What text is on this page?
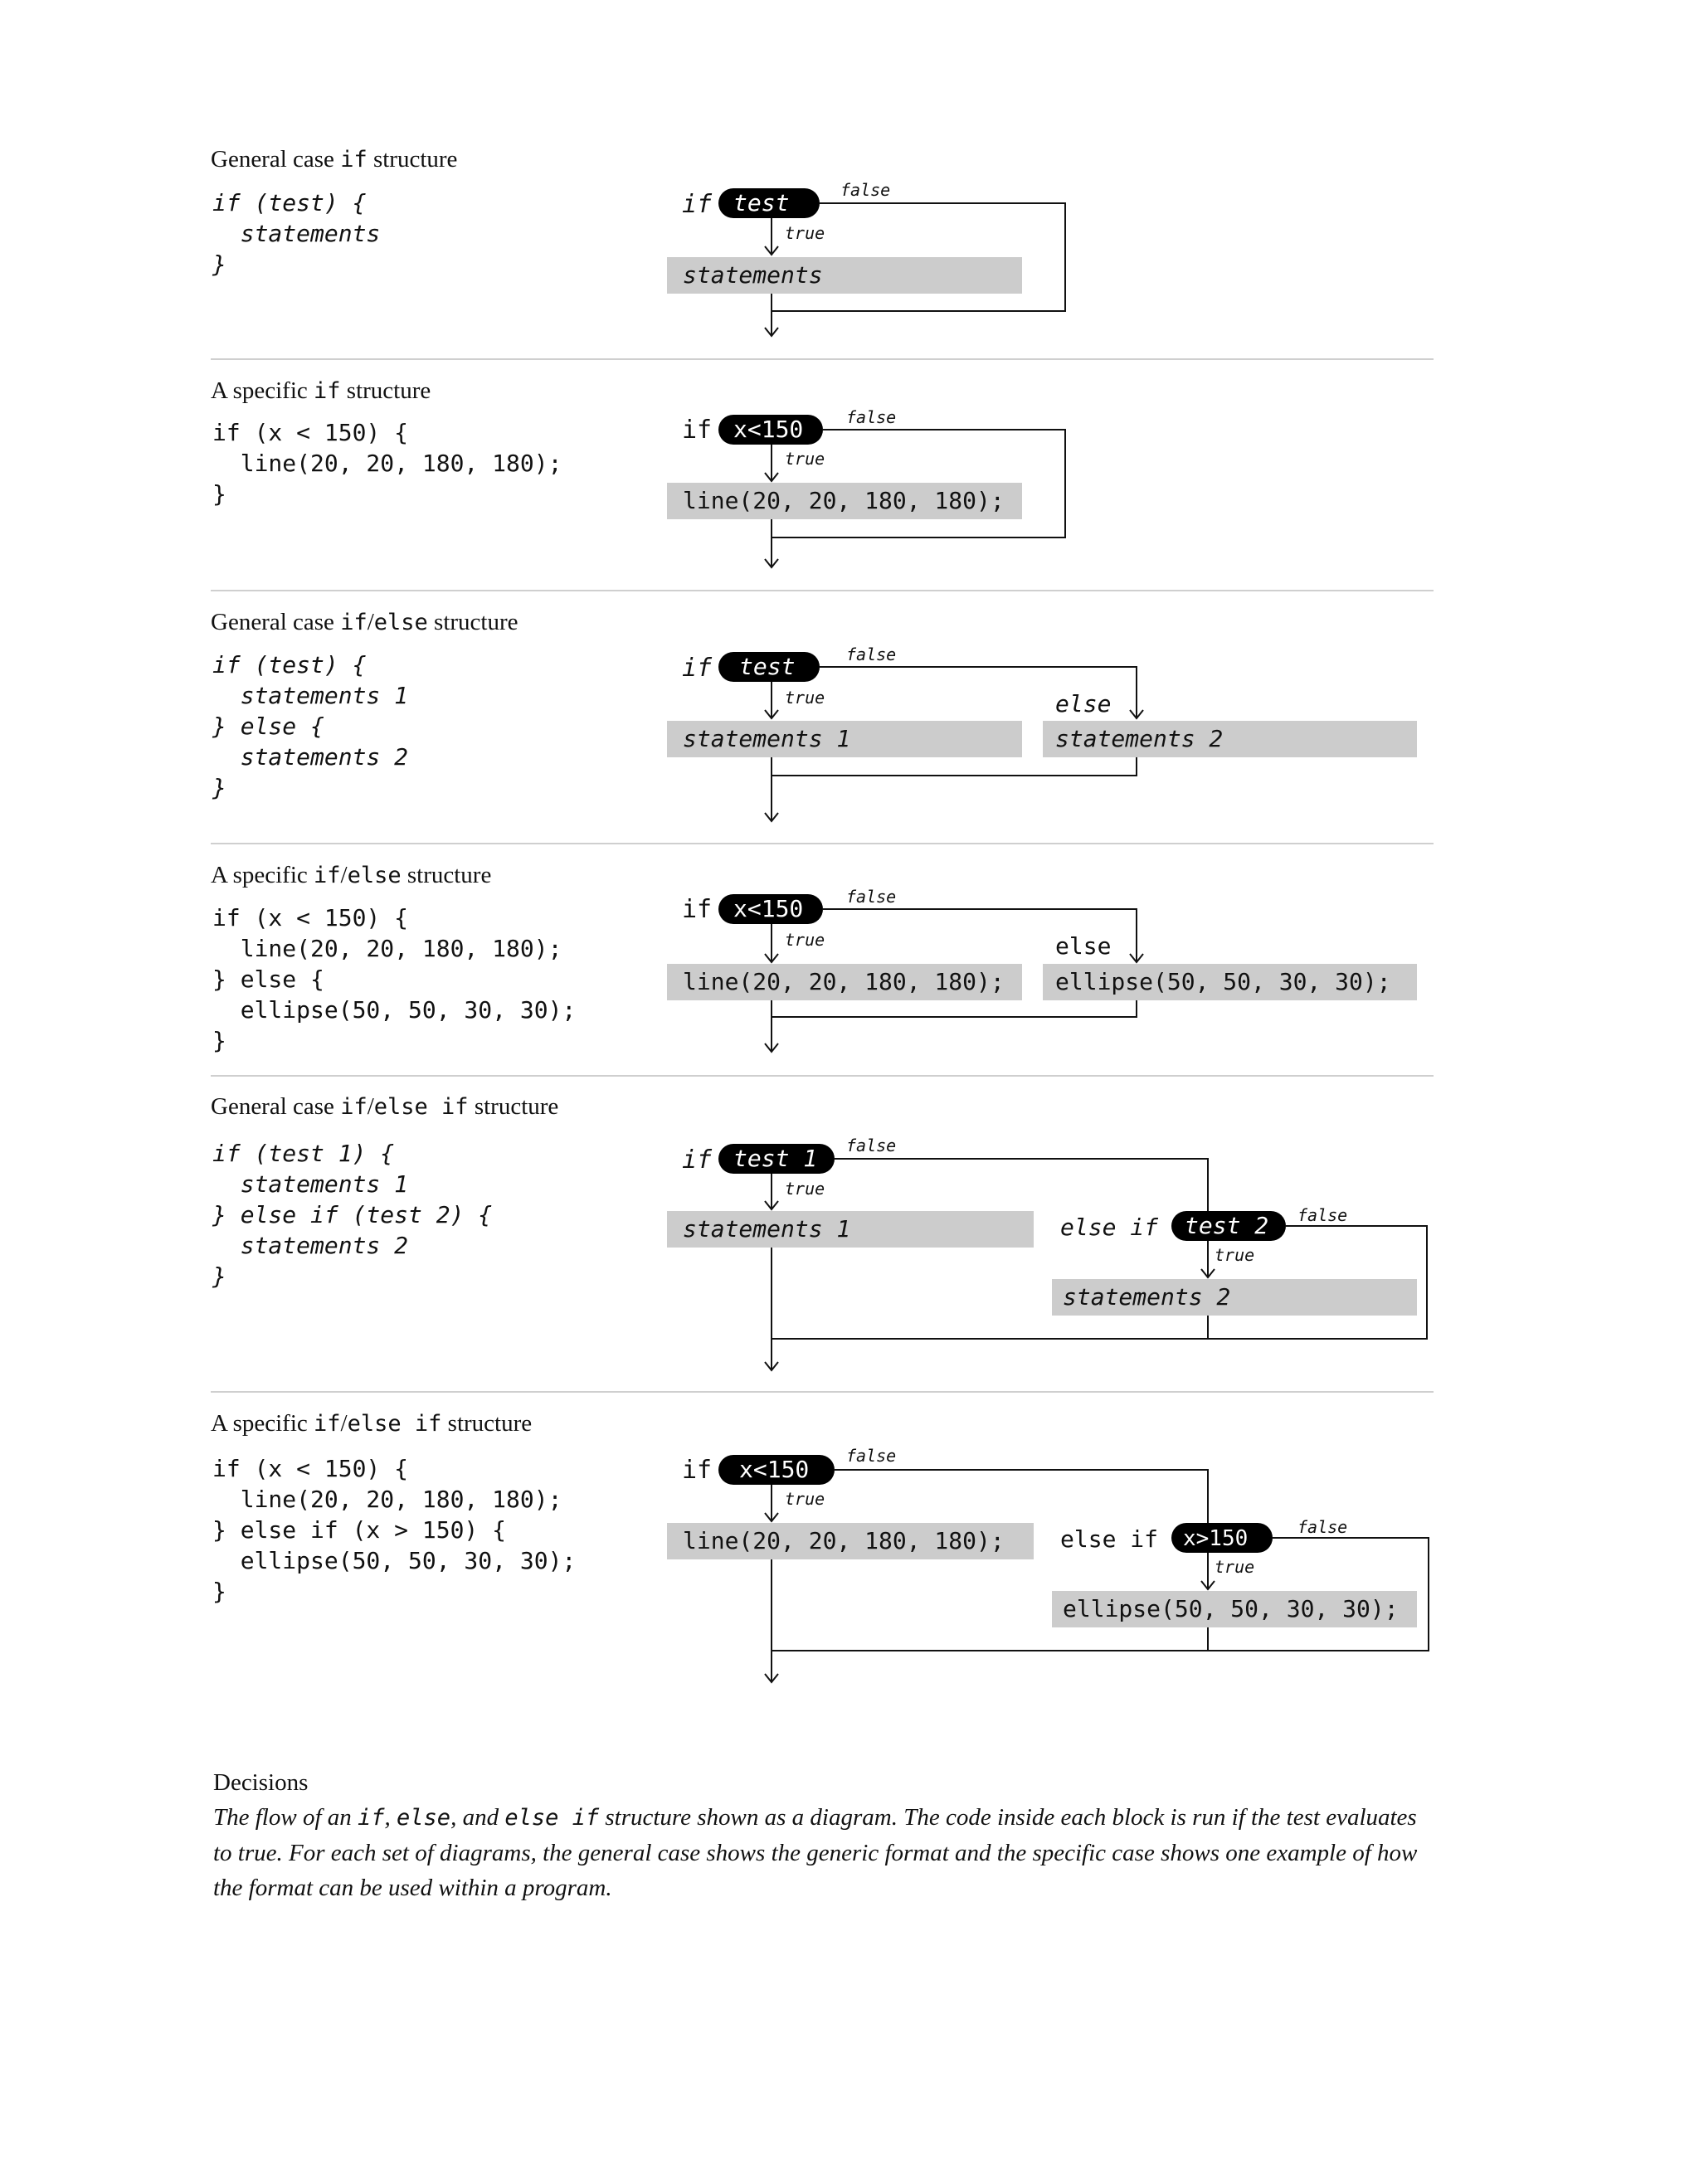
General case if structure
if (test) {
statements
}
if test	false
true
statements
A specific if structure
if (x < 150) {
line(20, 20, 180, 180);
}
if x<150	false
true
line(20, 20, 180, 180);
General case if/else structure
if (test) {
statements 1
} else {
statements 2
}
if test	false
true	else
statements 1	statements 2
A specific if/else structure
if (x < 150) {
line(20, 20, 180, 180);
} else {
ellipse(50, 50, 30, 30);
}
if x<150	false
true	else
line(20, 20, 180, 180); ellipse(50, 50, 30, 30);
General case if/else if structure
if (test 1) {
statements 1
} else if (test 2) {
statements 2
}
if test 1 false
true
statements 1	else if test 2 false
true
statements 2
A specific if/else if structure
if (x < 150) {
line(20, 20, 180, 180);
} else if (x > 150) {
ellipse(50, 50, 30, 30);
}
if x<150 false
true
line(20, 20, 180, 180); else if x>150	false
true
ellipse(50, 50, 30, 30);
Decisions
The flow of an if, else, and else if structure shown as a diagram. The code inside each block is run if the test evaluates to true. For each set of diagrams, the general case shows the generic format and the specific case shows one example of how the format can be used within a program.
